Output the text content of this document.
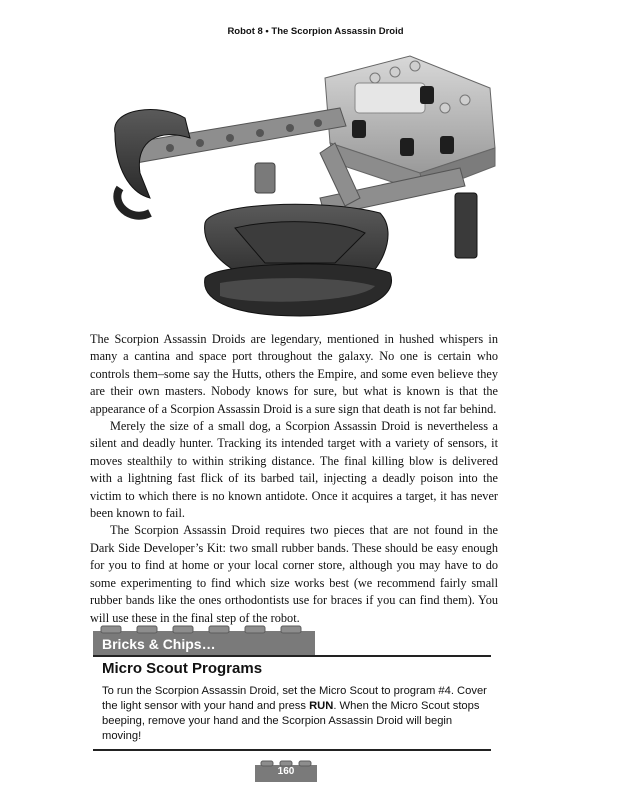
Robot 8 • The Scorpion Assassin Droid

The Scorpion Assassin Droids are legendary, mentioned in hushed whispers in many a cantina and space port throughout the galaxy. No one is certain who controls them–some say the Hutts, others the Empire, and some even believe they are their own masters. Nobody knows for sure, but what is known is that the appearance of a Scorpion Assassin Droid is a sure sign that death is not far behind.

Merely the size of a small dog, a Scorpion Assassin Droid is nevertheless a silent and deadly hunter. Tracking its intended target with a variety of sensors, it moves stealthily to within striking distance. The final killing blow is delivered with a lightning fast flick of its barbed tail, injecting a deadly poison into the victim to which there is no known antidote. Once it acquires a target, it has never been known to fail.

The Scorpion Assassin Droid requires two pieces that are not found in the Dark Side Developer’s Kit: two small rubber bands. These should be easy enough for you to find at home or your local corner store, although you may have to do some experimenting to find which size works best (we recommend fairly small rubber bands like the ones orthodontists use for braces if you can find them). You will use these in the final step of the robot.

Bricks & Chips…
Micro Scout Programs
To run the Scorpion Assassin Droid, set the Micro Scout to program #4. Cover the light sensor with your hand and press RUN. When the Micro Scout stops beeping, remove your hand and the Scorpion Assassin Droid will begin moving!
160
